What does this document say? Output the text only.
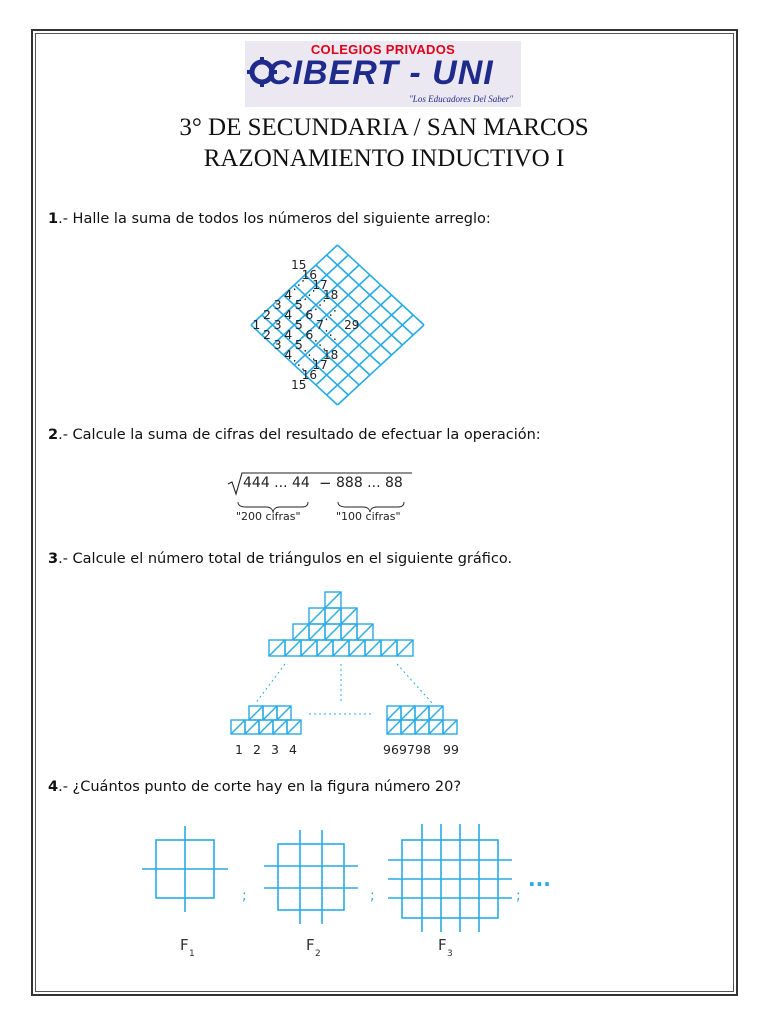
COLEGIOS PRIVADOS
CIBERT - UNI
"Los Educadores Del Saber"
3° DE SECUNDARIA / SAN MARCOS
RAZONAMIENTO INDUCTIVO I
1.- Halle la suma de todos los números del siguiente arreglo:
1
2
2
3
3
3
4
4
4
4
5
5
5
⋰
⋱
6
6
⋰
⋱
7
⋰
⋱
⋰
⋱
15
15
16
16
17
17
18
18
29
2.- Calcule la suma de cifras del resultado de efectuar la operación:
444 ... 44 − 888 ... 88
"200 cifras"	"100 cifras"
3.- Calcule el número total de triángulos en el siguiente gráfico.
1 2 3 4	96 97 98 99
4.- ¿Cuántos punto de corte hay en la figura número 20?
;	;	;
...
F 1	F 2	F 3
